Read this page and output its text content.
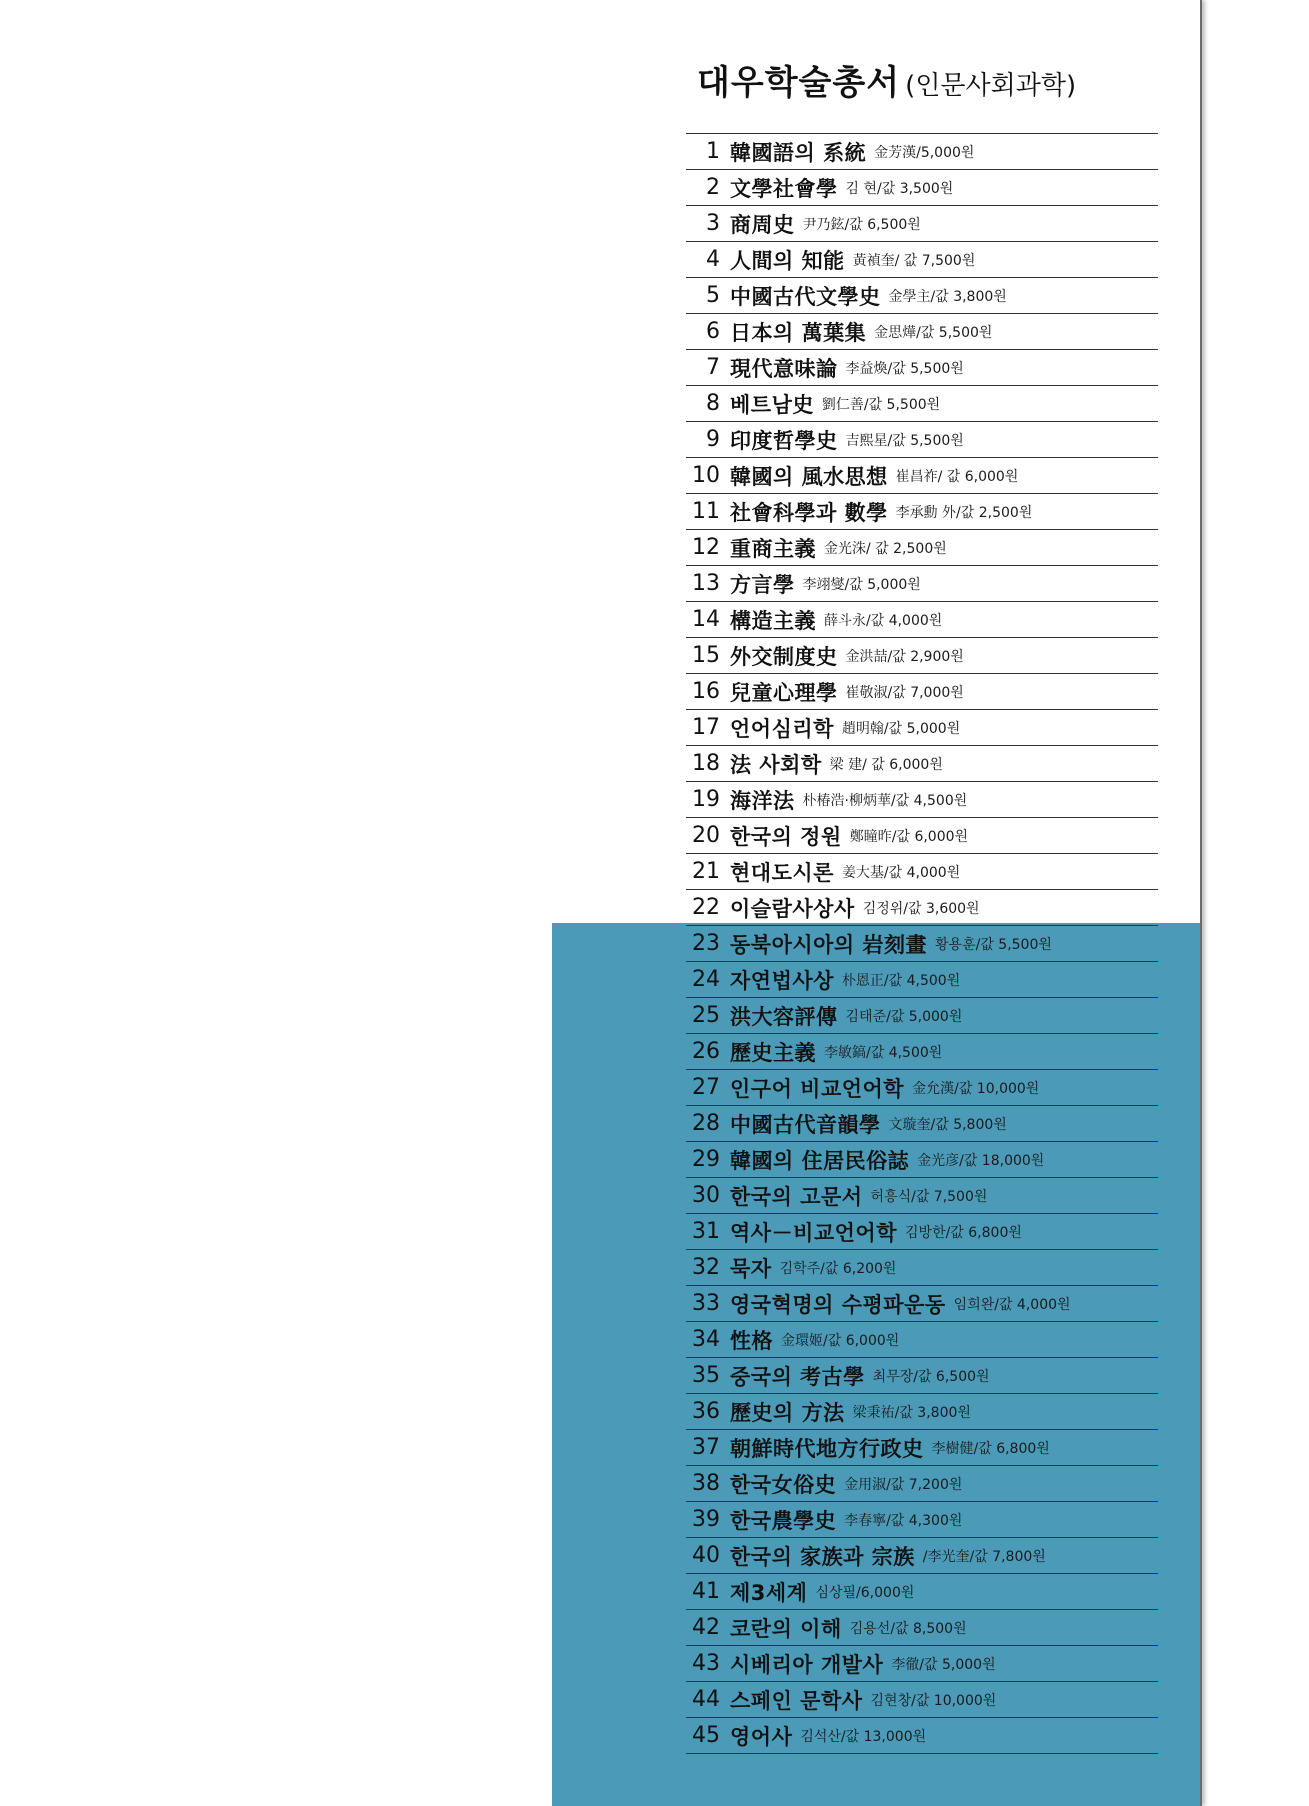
대우학술총서 (인문사회과학)
1 韓國語의 系統 金芳漢/5,000원
2 文學社會學 김 현/값 3,500원
3 商周史 尹乃鉉/값 6,500원
4 人間의 知能 黃禎奎/ 값 7,500원
5 中國古代文學史 金學主/값 3,800원
6 日本의 萬葉集 金思燁/값 5,500원
7 現代意味論 李益煥/값 5,500원
8 베트남史 劉仁善/값 5,500원
9 印度哲學史 吉熙星/값 5,500원
10 韓國의 風水思想 崔昌祚/ 값 6,000원
11 社會科學과 數學 李承勳 外/값 2,500원
12 重商主義 金光洙/ 값 2,500원
13 方言學 李翊燮/값 5,000원
14 構造主義 薛斗永/값 4,000원
15 外交制度史 金洪喆/값 2,900원
16 兒童心理學 崔敬淑/값 7,000원
17 언어심리학 趙明翰/값 5,000원
18 法 사회학 梁 建/ 값 6,000원
19 海洋法 朴椿浩·柳炳華/값 4,500원
20 한국의 정원 鄭瞳昨/값 6,000원
21 현대도시론 姜大基/값 4,000원
22 이슬람사상사 김정위/값 3,600원
23 동북아시아의 岩刻畫 황용훈/값 5,500원
24 자연법사상 朴恩正/값 4,500원
25 洪大容評傳 김태준/값 5,000원
26 歷史主義 李敏鎬/값 4,500원
27 인구어 비교언어학 金允漢/값 10,000원
28 中國古代音韻學 文璇奎/값 5,800원
29 韓國의 住居民俗誌 金光彦/값 18,000원
30 한국의 고문서 허흥식/값 7,500원
31 역사－비교언어학 김방한/값 6,800원
32 묵자 김학주/값 6,200원
33 영국혁명의 수평파운동 임희완/값 4,000원
34 性格 金環姬/값 6,000원
35 중국의 考古學 최무장/값 6,500원
36 歷史의 方法 梁秉祐/값 3,800원
37 朝鮮時代地方行政史 李樹健/값 6,800원
38 한국女俗史 金用淑/값 7,200원
39 한국農學史 李春寧/값 4,300원
40 한국의 家族과 宗族 /李光奎/값 7,800원
41 제3세계 심상필/6,000원
42 코란의 이해 김용선/값 8,500원
43 시베리아 개발사 李徹/값 5,000원
44 스페인 문학사 김현창/값 10,000원
45 영어사 김석산/값 13,000원
